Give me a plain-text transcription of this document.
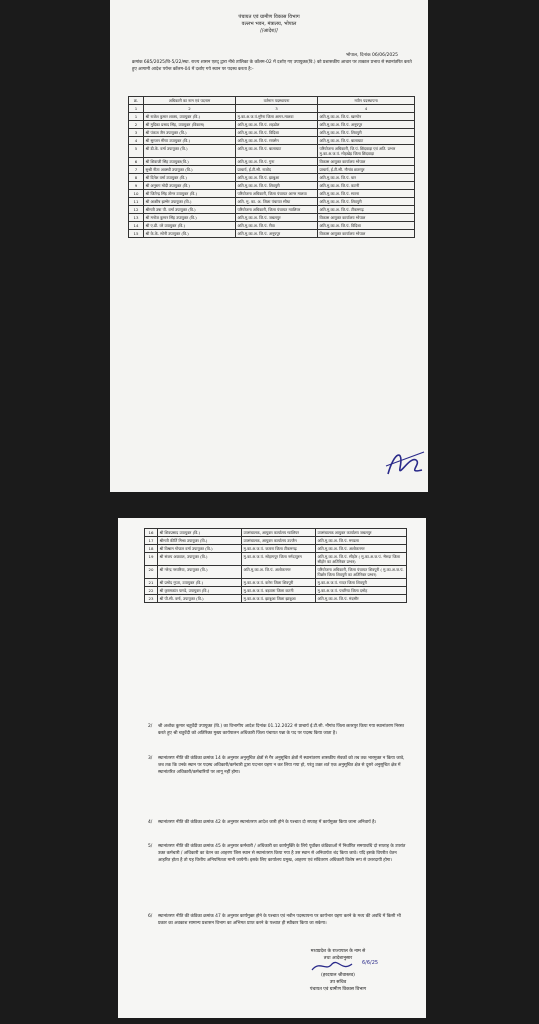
पंचायत एवं ग्रामीण विकास विभाग
वल्लभ भवन, मंत्रालय, भोपाल
//आदेश//
भोपाल, दिनांक 06/06/2025
क्रमांक 685/2025/वि-5/22/स्था. राज्य शासन एतद् द्वारा नीचे तालिका के कॉलम-02 में दर्शाए गए उपायुक्त(वि.) को प्रशासकीय आधार पर तत्काल प्रभाव से स्थानांतरित करते हुए आगामी आदेश पर्यन्त कॉलम-04 में दर्शाए गये स्थान पर पदस्थ करता है:-
क्र.	अधिकारी का नाम एवं पदनाम	वर्तमान पदस्थापना	नवीन पदस्थापना
1	2	3	4
1	श्री राजेश कुमार शाक्य, उपायुक्त (वि.)	मु.का.अ.ज.पं.मुरैना जिला आगर-मालवा	अति.मु.का.अ. जि.पं. खरगोन
2	श्री मुदिका प्रसाद सिंह, उपायुक्त (विकास)	अति.मु.का.अ. जि.पं. शहडोल	अति.मु.का.अ. जि.पं. अनूपपुर
3	श्री पंकज जैन उपायुक्त (वि.)	अति.मु.का.अ. जि.पं. विदिशा	अति.मु.का.अ. जि.पं. शिवपुरी
4	श्री सुरजन मीणा उपायुक्त (वि.)	अति.मु.का.अ. जि.पं. रायसेन	अति.मु.का.अ. जि.पं. बालाघाट
5	श्री डी.के. वर्मा उपायुक्त (वि.)	अति.मु.का.अ. जि.पं. बालाघाट	परियोजना अधिकारी, जि.पं. छिंदवाड़ा एवं अति. प्रभार मु.का.अ.ज.पं. मोहखेड़ जिला छिंदवाड़ा
6	श्री शिवाजी सिंह उपायुक्त(वि.)	अति.मु.का.अ. जि.पं. गुना	विकास आयुक्त कार्यालय भोपाल
7	सुश्री नीता अवस्थी उपायुक्त (वि.)	प्राचार्य, ई.टी.सी. राजोद	प्राचार्य, ई.टी.सी. नौगांव छतरपुर
8	श्री दिनेश वर्मा उपायुक्त (वि.)	अति.मु.का.अ. जि.पं. झाबुआ	अति.मु.का.अ. जि.पं. धार
9	श्री अनुराग मोदी उपायुक्त (वि.)	अति.मु.का.अ. जि.पं. शिवपुरी	अति.मु.का.अ. जि.पं. कटनी
10	श्री जितेन्द्र सिंह तोमर उपायुक्त (वि.)	परियोजना अधिकारी, जिला पंचायत आगर मालवा	अति.मु.का.अ. जि.पं. सतना
11	श्री आशीष झम्मेर उपायुक्त (वि.)	अति. मु. का. अ. जिला पंचायत सीधा	अति.मु.का.अ. जि.पं. शिवपुरी
12	श्रीमती उषा पी. वर्मा उपायुक्त (वि.)	परियोजना अधिकारी, जिला पंचायत ग्वालियर	अति.मु.का.अ. जि.पं. टीकमगढ़
13	श्री मनोज कुमार सिंह उपायुक्त (वि.)	अति.मु.का.अ. जि.पं. जबलपुर	विकास आयुक्त कार्यालय भोपाल
14	श्री ए.डी. वरे उपायुक्त (वि.)	अति.मु.का.अ. जि.पं. रीवा	अति.मु.का.अ. जि.पं. विदिशा
15	श्री के.के. सोनी उपायुक्त (वि.)	अति.मु.का.अ. जि.पं. अनूपपुर	विकास आयुक्त कार्यालय भोपाल
16	श्री शिवप्रसाद उपायुक्त (वि.)	उपसंचालक, आयुक्त कार्यालय ग्वालियर	उपसंचालक आयुक्त कार्यालय जबलपुर
17	श्रीमती कीर्ति मिश्रा उपायुक्त (वि.)	उपसंचालक, आयुक्त कार्यालय उज्जैन	अति.मु.का.अ. जि.पं. मण्डला
18	श्री विश्राम गोपाल वर्मा उपायुक्त (वि.)	मु.का.अ.ज.पं. जतारा जिला टीकमगढ़	अति.मु.का.अ. जि.पं. अशोकनगर
19	श्री संजय अग्रवाल, उपायुक्त (वि.)	मु.का.अ.ज.पं. सोहागपुर जिला नर्मदापुरम	अति.मु.का.अ. जि.पं. सीहोर ( मु.का.अ.ज.पं. भैरुदा जिला सीहोर का अतिरिक्त प्रभार)
20	श्री नरेन्द्र नरवरिया, उपायुक्त (वि.)	अति.मु.का.अ. जि.पं. अशोकनगर	परियोजना अधिकारी, जिला पंचायत शिवपुरी ( मु.का.अ.ज.पं. पिछोर जिला शिवपुरी का अतिरिक्त प्रभार)
21	श्री प्रमोद गुप्ता, उपायुक्त (वि.)	मु.का.अ.ज.पं. करेरा जिला शिवपुरी	मु.का.अ.ज.पं. गादर जिला शिवपुरी
22	श्री कृष्णकांत पाण्डे, उपायुक्त (वि.)	मु.का.अ.ज.पं. बड़वारा जिला कटनी	मु.का.अ.ज.पं. पथरिया जिला दमोह
23	श्री पी.सी. वर्मा, उपायुक्त (वि.)	मु.का.अ.ज.पं. झाबुआ जिला झाबुआ	अति.मु.का.अ. जि.पं. मंदसौर
2/ श्री अशोक कुमार चतुर्वेदी उपायुक्त (वि.) का विभागीय आदेश दिनांक 01.12.2022 से प्राचार्य ई.टी.सी. नौगांव जिला छतरपुर किया गया स्थानांतरण निरस्त करते हुए श्री चतुर्वेदी को अतिरिक्त मुख्य कार्यपालन अधिकारी जिला पंचायत पन्ना के पद पर पदस्थ किया जाता है।
3/ स्थानांतरण नीति की कंडिका क्रमांक 14 के अनुसार अनुसूचित क्षेत्रों से गैर अनुसूचित क्षेत्रों में स्थानांतरण शासकीय सेवकों को तब तक भारमुक्त न किया जावे, जब तक कि उनके स्थान पर पदस्थ अधिकारी/कर्मचारी द्वारा पदभार ग्रहण न कर लिया गया हो, परंतु उक्त शर्त एक अनुसूचित क्षेत्र से दूसरे अनुसूचित क्षेत्र में स्थानांतरित अधिकारी/कर्मचारियों पर लागू नहीं होगा।
4/ स्थानांतरण नीति की कंडिका क्रमांक 42 के अनुसार स्थानांतरण आदेश जारी होने के पश्चात दो सप्ताह में कार्यमुक्त किया जाना अनिवार्य है।
5/ स्थानांतरण नीति की कंडिका क्रमांक 45 के अनुसार कर्मचारी / अधिकारी का कार्यमुक्ति के लिये पूर्वोक्त कंडिकाओं में निर्धारित समयावधि दो सप्ताह के उपरांत उक्त कर्मचारी / अधिकारी का वेतन का आहरण जिस स्थान से स्थानांतरण किया गया है उस स्थान से अनिवार्यतः बंद किया जावे। यदि इसके विपरीत वेतन आहरित होता है तो यह वित्तीय अनियमितता मानी जायेगी। इसके लिए कार्यालय प्रमुख, आहरण एवं संवितरण अधिकारी विशेष रूप से उत्तरदायी होगा।
6/ स्थानांतरण नीति की कंडिका क्रमांक 47 के अनुसार कार्यमुक्त होने के पश्चात एवं नवीन पदस्थापना पर कार्यभार ग्रहण करने के मध्य की अवधि में किसी भी प्रकार का अवकाश सामान्य प्रशासन विभाग का अभिमत प्राप्त करने के पश्चात ही स्वीकार किया जा सकेगा।
मध्यप्रदेश के राज्यपाल के नाम से
तथा आदेशानुसार
6/6/25
(हरदयाल श्रीवास्तव)
उप सचिव
पंचायत एवं ग्रामीण विकास विभाग
